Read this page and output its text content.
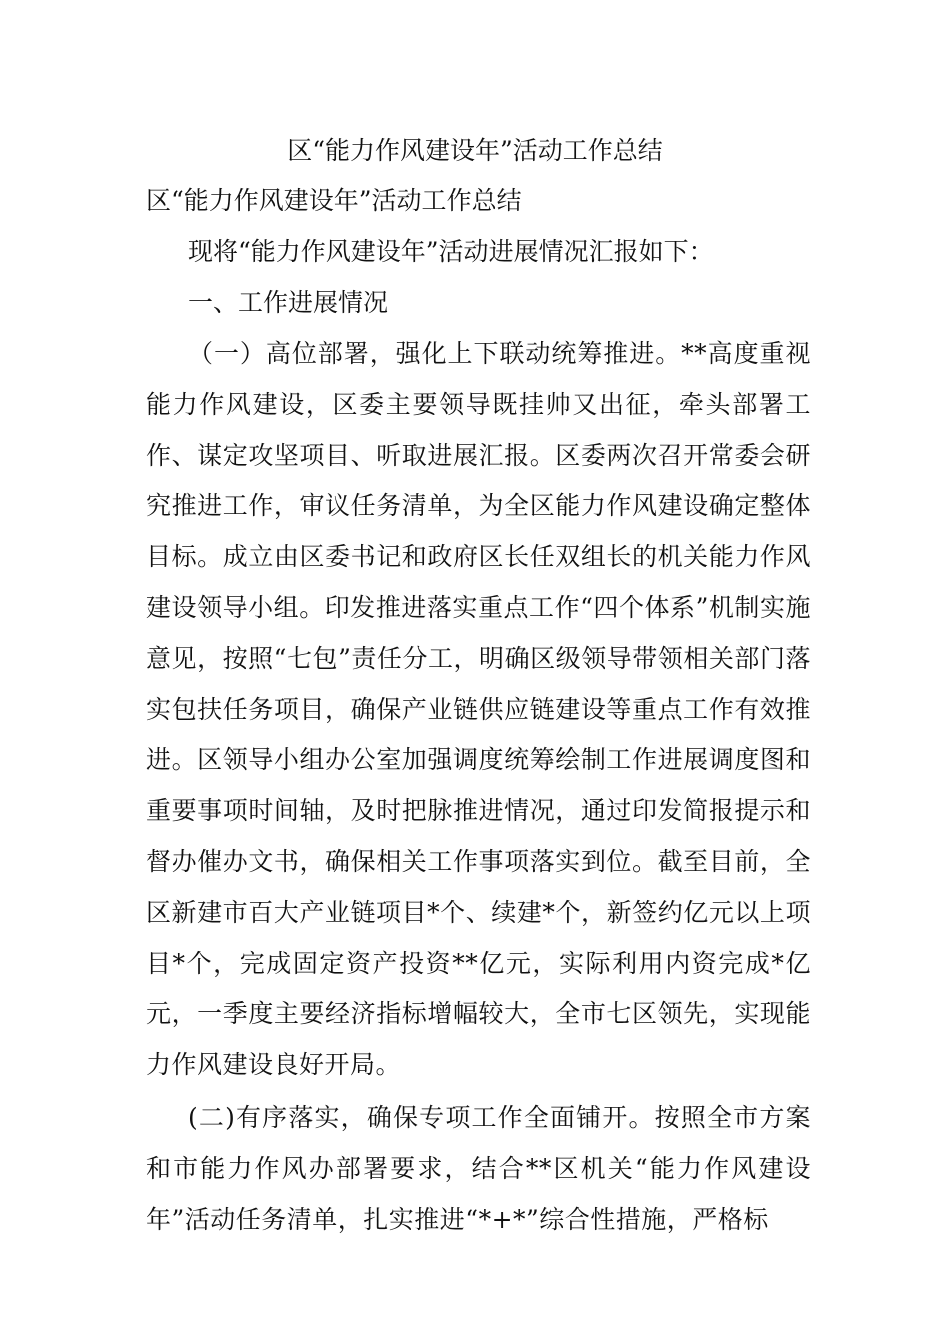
区“能力作风建设年”活动工作总结
区“能力作风建设年”活动工作总结
现将“能力作风建设年”活动进展情况汇报如下：
一、工作进展情况
（一）高位部署，强化上下联动统筹推进。**高度重视能力作风建设，区委主要领导既挂帅又出征，牵头部署工作、谋定攻坚项目、听取进展汇报。区委两次召开常委会研究推进工作，审议任务清单，为全区能力作风建设确定整体目标。成立由区委书记和政府区长任双组长的机关能力作风建设领导小组。印发推进落实重点工作“四个体系”机制实施意见，按照“七包”责任分工，明确区级领导带领相关部门落实包扶任务项目，确保产业链供应链建设等重点工作有效推进。区领导小组办公室加强调度统筹绘制工作进展调度图和重要事项时间轴，及时把脉推进情况，通过印发简报提示和督办催办文书，确保相关工作事项落实到位。截至目前，全区新建市百大产业链项目*个、续建*个，新签约亿元以上项目*个，完成固定资产投资**亿元，实际利用内资完成*亿元，一季度主要经济指标增幅较大，全市七区领先，实现能力作风建设良好开局。
(二)有序落实，确保专项工作全面铺开。按照全市方案和市能力作风办部署要求，结合**区机关“能力作风建设年”活动任务清单，扎实推进“*+*”综合性措施，严格标
